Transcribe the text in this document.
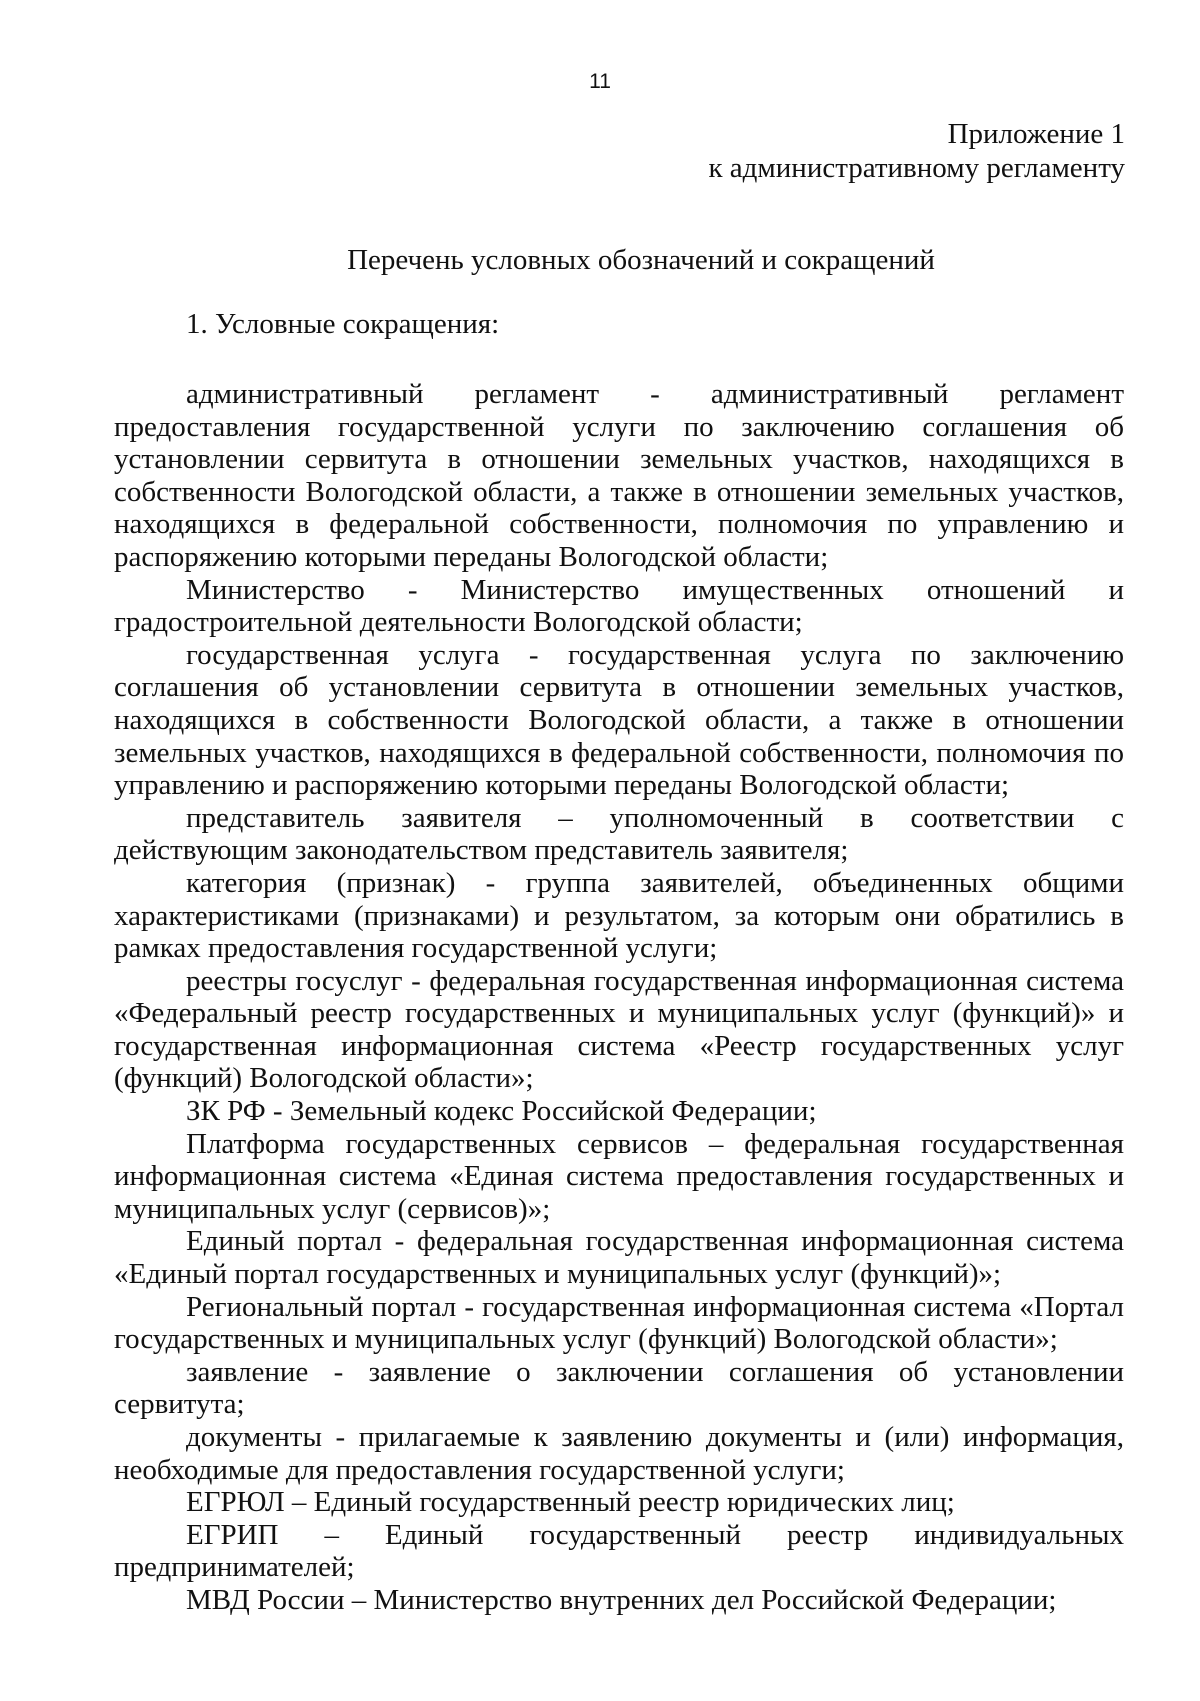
11
Приложение 1
к административному регламенту
Перечень условных обозначений и сокращений
1. Условные сокращения:

административный регламент - административный регламент предоставления государственной услуги по заключению соглашения об установлении сервитута в отношении земельных участков, находящихся в собственности Вологодской области, а также в отношении земельных участков, находящихся в федеральной собственности, полномочия по управлению и распоряжению которыми переданы Вологодской области;

Министерство - Министерство имущественных отношений и градостроительной деятельности Вологодской области;

государственная услуга - государственная услуга по заключению соглашения об установлении сервитута в отношении земельных участков, находящихся в собственности Вологодской области, а также в отношении земельных участков, находящихся в федеральной собственности, полномочия по управлению и распоряжению которыми переданы Вологодской области;

представитель заявителя – уполномоченный в соответствии с действующим законодательством представитель заявителя;

категория (признак) - группа заявителей, объединенных общими характеристиками (признаками) и результатом, за которым они обратились в рамках предоставления государственной услуги;

реестры госуслуг - федеральная государственная информационная система «Федеральный реестр государственных и муниципальных услуг (функций)» и государственная информационная система «Реестр государственных услуг (функций) Вологодской области»;

ЗК РФ - Земельный кодекс Российской Федерации;

Платформа государственных сервисов – федеральная государственная информационная система «Единая система предоставления государственных и муниципальных услуг (сервисов)»;

Единый портал - федеральная государственная информационная система «Единый портал государственных и муниципальных услуг (функций)»;

Региональный портал - государственная информационная система «Портал государственных и муниципальных услуг (функций) Вологодской области»;

заявление - заявление о заключении соглашения об установлении сервитута;

документы - прилагаемые к заявлению документы и (или) информация, необходимые для предоставления государственной услуги;

ЕГРЮЛ – Единый государственный реестр юридических лиц;

ЕГРИП – Единый государственный реестр индивидуальных предпринимателей;

МВД России – Министерство внутренних дел Российской Федерации;
